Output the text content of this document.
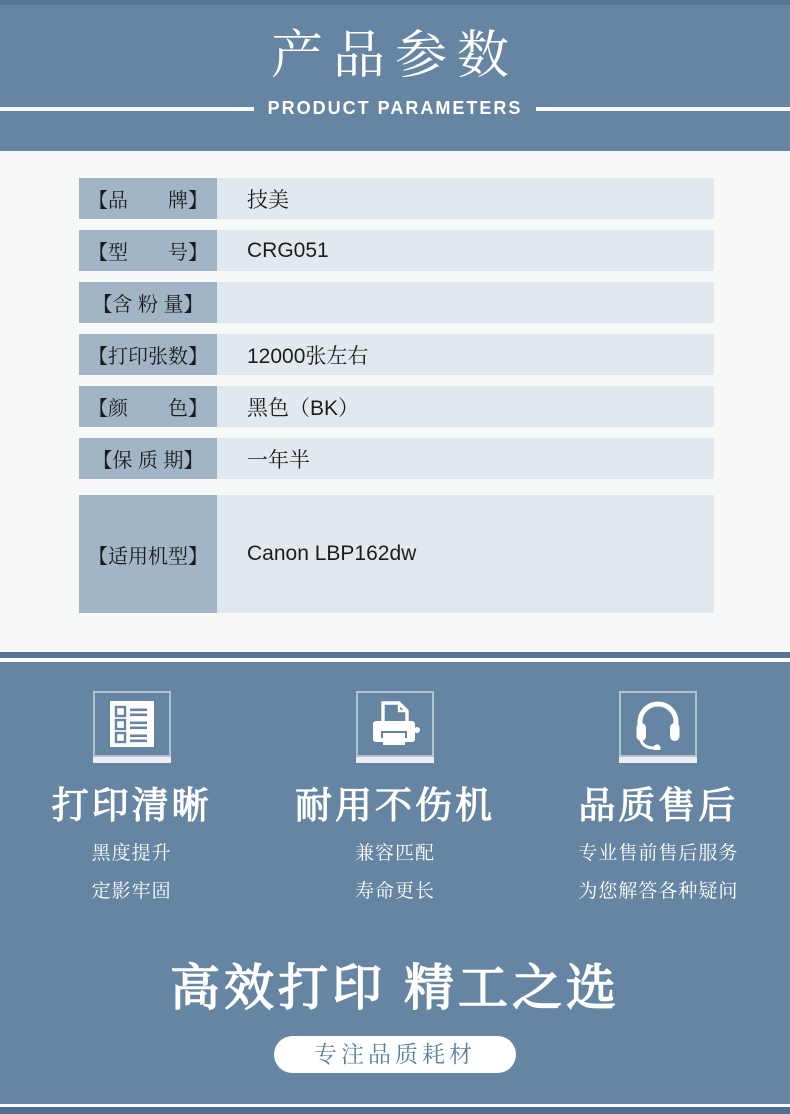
产品参数
PRODUCT PARAMETERS
【品　　牌】	技美
【型　　号】	CRG051
【含 粉 量】
【打印张数】	12000张左右
【颜　　色】	黑色（BK）
【保 质 期】	一年半
【适用机型】	Canon LBP162dw
打印清晰
黑度提升
定影牢固
耐用不伤机
兼容匹配
寿命更长
品质售后
专业售前售后服务
为您解答各种疑问
高效打印 精工之选
专注品质耗材
